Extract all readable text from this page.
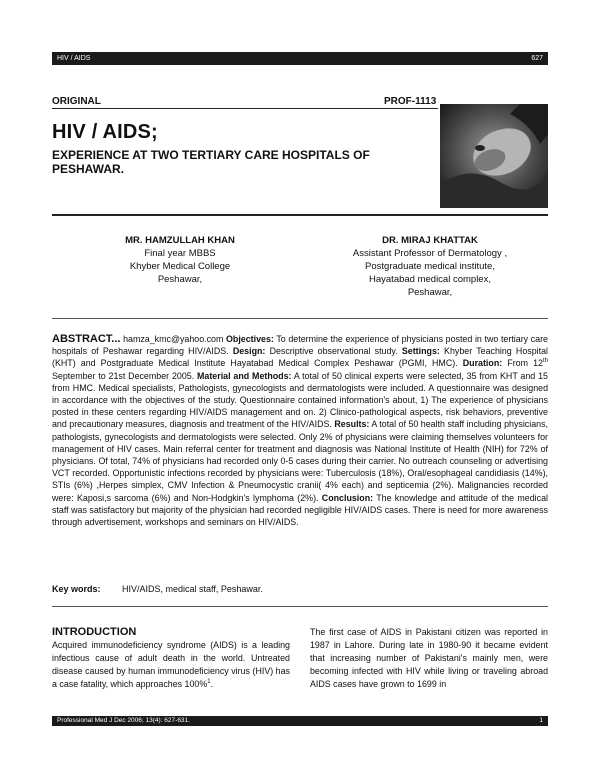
HIV / AIDS	627
ORIGINAL	PROF-1113
HIV / AIDS;
EXPERIENCE AT TWO TERTIARY CARE HOSPITALS OF PESHAWAR.
MR. HAMZULLAH KHAN
Final year MBBS
Khyber Medical College
Peshawar,
DR. MIRAJ KHATTAK
Assistant Professor of Dermatology ,
Postgraduate medical institute,
Hayatabad medical complex,
Peshawar,
ABSTRACT... hamza_kmc@yahoo.com Objectives: To determine the experience of physicians posted in two tertiary care hospitals of Peshawar regarding HIV/AIDS. Design: Descriptive observational study. Settings: Khyber Teaching Hospital (KHT) and Postgraduate Medical Institute Hayatabad Medical Complex Peshawar (PGMI, HMC). Duration: From 12th September to 21st December 2005. Material and Methods: A total of 50 clinical experts were selected, 35 from KHT and 15 from HMC. Medical specialists, Pathologists, gynecologists and dermatologists were included. A questionnaire was designed in accordance with the objectives of the study. Questionnaire contained information's about, 1) The experience of physicians posted in these centers regarding HIV/AIDS management and on. 2) Clinico-pathological aspects, risk behaviors, preventive and precautionary measures, diagnosis and treatment of the HIV/AIDS. Results: A total of 50 health staff including physicians, pathologists, gynecologists and dermatologists were selected. Only 2% of physicians were claiming themselves volunteers for management of HIV cases. Main referral center for treatment and diagnosis was National Institute of Health (NIH) for 72% of physicians. Of total, 74% of physicians had recorded only 0-5 cases during their carrier. No outreach counseling or advertising VCT recorded. Opportunistic infections recorded by physicians were: Tuberculosis (18%), Oral/esophageal candidiasis (14%), STIs (6%) ,Herpes simplex, CMV Infection & Pneumocystic cranii( 4% each) and septicemia (2%). Malignancies recorded were: Kaposi,s sarcoma (6%) and Non-Hodgkin's lymphoma (2%). Conclusion: The knowledge and attitude of the medical staff was satisfactory but majority of the physician had recorded negligible HIV/AIDS cases. There is need for more awareness through advertisement, workshops and seminars on HIV/AIDS.
Key words: HIV/AIDS, medical staff, Peshawar.
INTRODUCTION
Acquired immunodeficiency syndrome (AIDS) is a leading infectious cause of adult death in the world. Untreated disease caused by human immunodeficiency virus (HIV) has a case fatality, which approaches 100%$^1$.
The first case of AIDS in Pakistani citizen was reported in 1987 in Lahore. During late in 1980-90 it became evident that increasing number of Pakistani's mainly men, were becoming infected with HIV while living or traveling abroad AIDS cases have grown to 1699 in
Professional Med J Dec 2006; 13(4): 627-631.	1
